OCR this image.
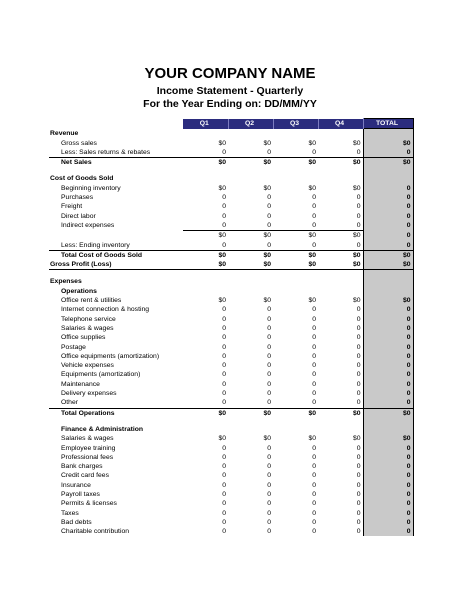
YOUR COMPANY NAME
Income Statement - Quarterly
For the Year Ending on: DD/MM/YY
	Q1	Q2	Q3	Q4	TOTAL
Revenue					
Gross sales	$0	$0	$0	$0	$0
Less: Sales returns & rebates	0	0	0	0	0
Net Sales	$0	$0	$0	$0	$0

Cost of Goods Sold					
Beginning inventory	$0	$0	$0	$0	0
Purchases	0	0	0	0	0
Freight	0	0	0	0	0
Direct labor	0	0	0	0	0
Indirect expenses	0	0	0	0	0
	$0	$0	$0	$0	0
Less: Ending inventory	0	0	0	0	0
Total Cost of Goods Sold	$0	$0	$0	$0	$0
Gross Profit (Loss)	$0	$0	$0	$0	$0

Expenses					
Operations					
Office rent & utilities	$0	$0	$0	$0	$0
Internet connection & hosting	0	0	0	0	0
Telephone service	0	0	0	0	0
Salaries & wages	0	0	0	0	0
Office supplies	0	0	0	0	0
Postage	0	0	0	0	0
Office equipments (amortization)	0	0	0	0	0
Vehicle expenses	0	0	0	0	0
Equipments (amortization)	0	0	0	0	0
Maintenance	0	0	0	0	0
Delivery expenses	0	0	0	0	0
Other	0	0	0	0	0
Total Operations	$0	$0	$0	$0	$0

Finance & Administration					
Salaries & wages	$0	$0	$0	$0	$0
Employee training	0	0	0	0	0
Professional fees	0	0	0	0	0
Bank charges	0	0	0	0	0
Credit card fees	0	0	0	0	0
Insurance	0	0	0	0	0
Payroll taxes	0	0	0	0	0
Permits & licenses	0	0	0	0	0
Taxes	0	0	0	0	0
Bad debts	0	0	0	0	0
Charitable contribution	0	0	0	0	0
